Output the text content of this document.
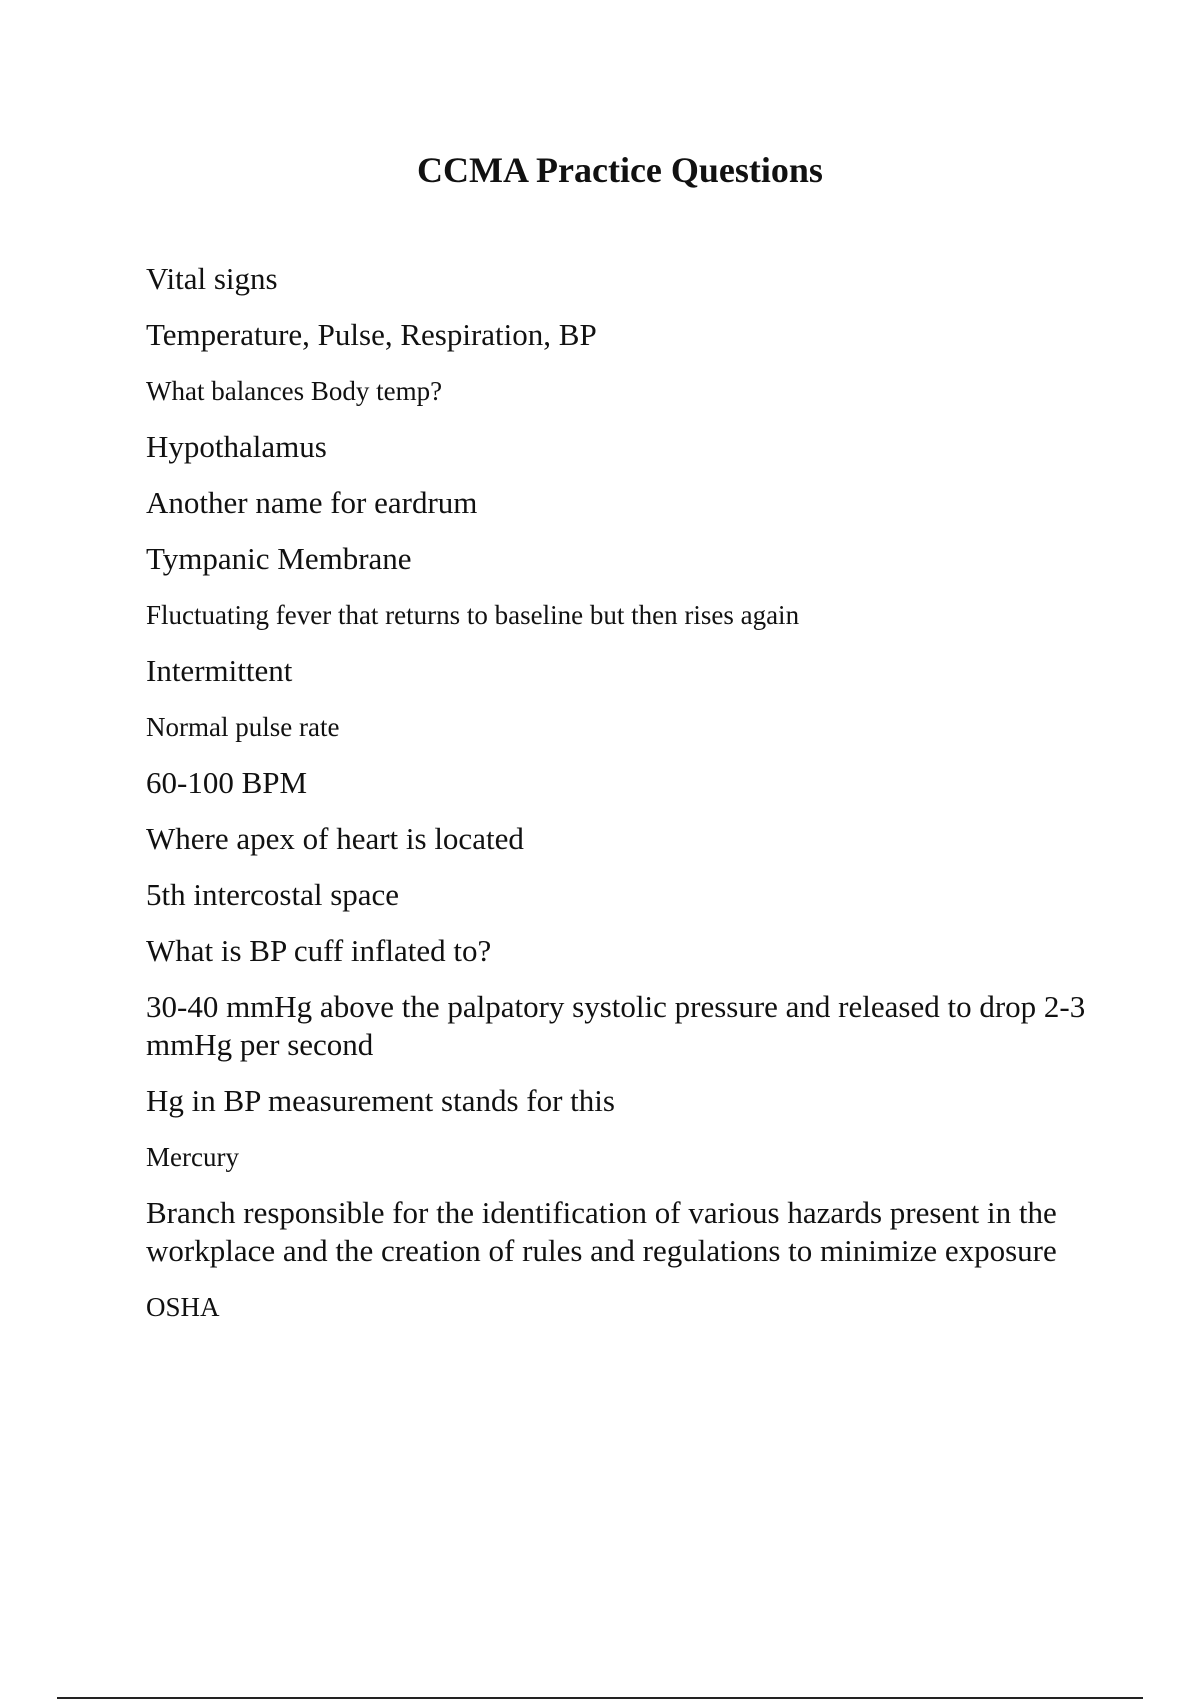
CCMA Practice Questions
Vital signs
Temperature, Pulse, Respiration, BP
What balances Body temp?
Hypothalamus
Another name for eardrum
Tympanic Membrane
Fluctuating fever that returns to baseline but then rises again
Intermittent
Normal pulse rate
60-100 BPM
Where apex of heart is located
5th intercostal space
What is BP cuff inflated to?
30-40 mmHg above the palpatory systolic pressure and released to drop 2-3 mmHg per second
Hg in BP measurement stands for this
Mercury
Branch responsible for the identification of various hazards present in the workplace and the creation of rules and regulations to minimize exposure
OSHA
